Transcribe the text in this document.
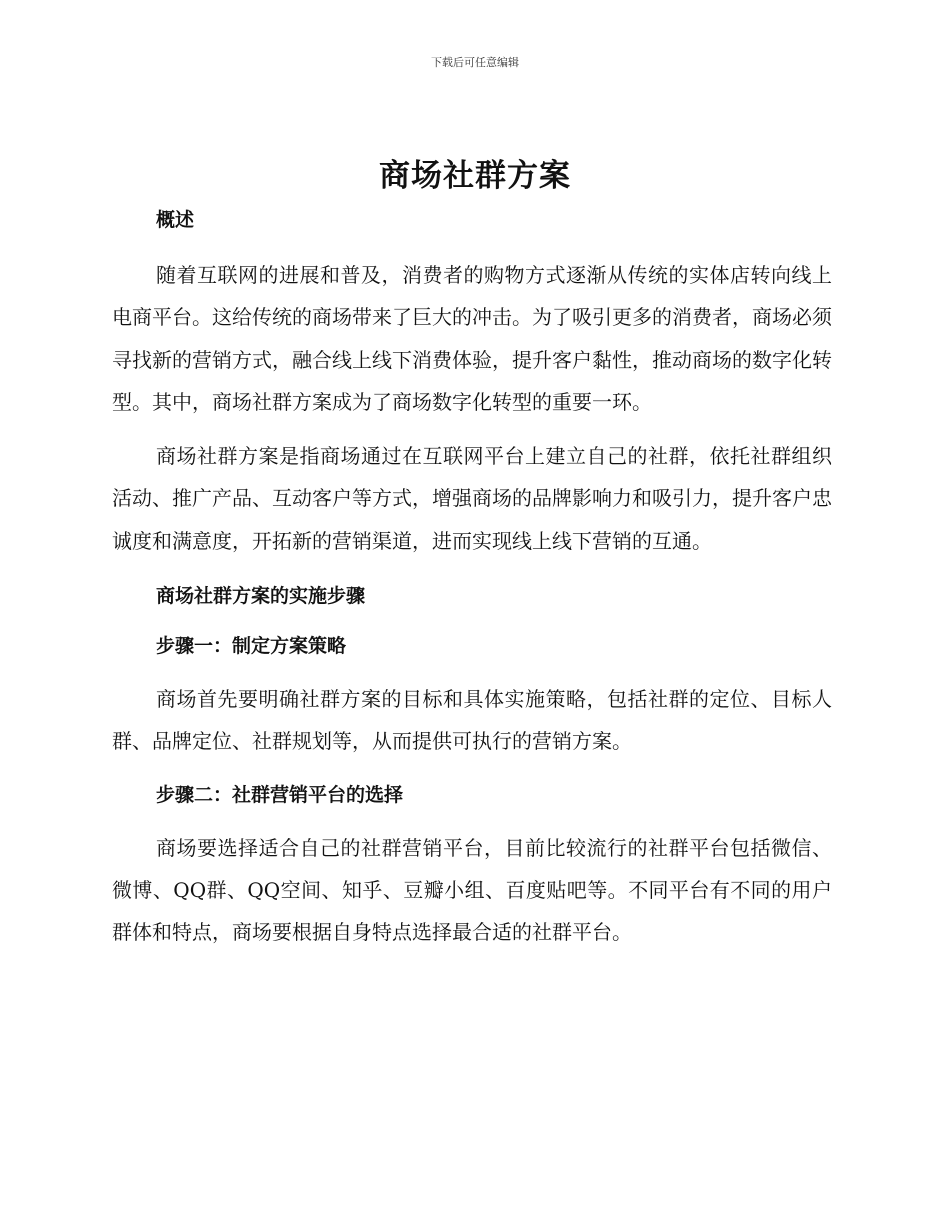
下载后可任意编辑
商场社群方案

概述

随着互联网的进展和普及，消费者的购物方式逐渐从传统的实体店转向线上电商平台。这给传统的商场带来了巨大的冲击。为了吸引更多的消费者，商场必须寻找新的营销方式，融合线上线下消费体验，提升客户黏性，推动商场的数字化转型。其中，商场社群方案成为了商场数字化转型的重要一环。

商场社群方案是指商场通过在互联网平台上建立自己的社群，依托社群组织活动、推广产品、互动客户等方式，增强商场的品牌影响力和吸引力，提升客户忠诚度和满意度，开拓新的营销渠道，进而实现线上线下营销的互通。

商场社群方案的实施步骤

步骤一：制定方案策略

商场首先要明确社群方案的目标和具体实施策略，包括社群的定位、目标人群、品牌定位、社群规划等，从而提供可执行的营销方案。

步骤二：社群营销平台的选择

商场要选择适合自己的社群营销平台，目前比较流行的社群平台包括微信、微博、QQ群、QQ空间、知乎、豆瓣小组、百度贴吧等。不同平台有不同的用户群体和特点，商场要根据自身特点选择最合适的社群平台。
